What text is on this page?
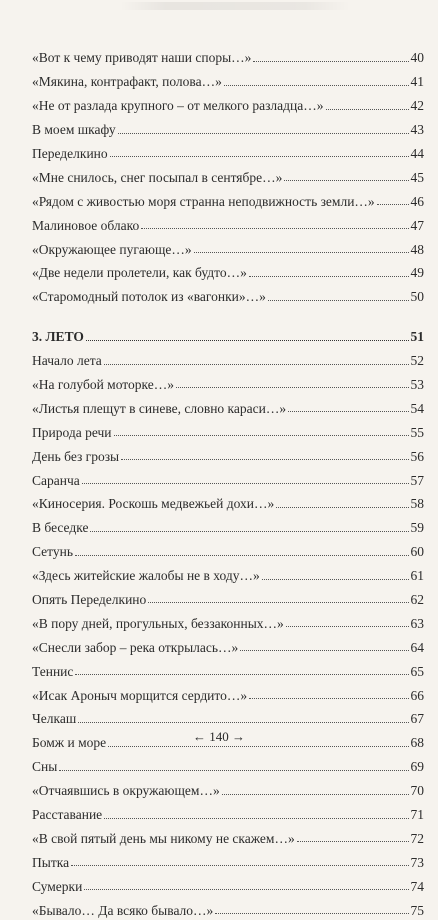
«Вот к чему приводят наши споры…»	40
«Мякина, контрафакт, полова…»	41
«Не от разлада крупного – от мелкого разладца…»	42
В моем шкафу	43
Переделкино	44
«Мне снилось, снег посыпал в сентябре…»	45
«Рядом с живостью моря странна неподвижность земли…»	46
Малиновое облако	47
«Окружающее пугающе…»	48
«Две недели пролетели, как будто…»	49
«Старомодный потолок из «вагонки»…»	50
3. ЛЕТО	51
Начало лета	52
«На голубой моторке…»	53
«Листья плещут в синеве, словно караси…»	54
Природа речи	55
День без грозы	56
Саранча	57
«Киносерия. Роскошь медвежьей дохи…»	58
В беседке	59
Сетунь	60
«Здесь житейские жалобы не в ходу…»	61
Опять Переделкино	62
«В пору дней, прогульных, беззаконных…»	63
«Снесли забор – река открылась…»	64
Теннис	65
«Исак Ароныч морщится сердито…»	66
Челкаш	67
Бомж и море	68
Сны	69
«Отчаявшись в окружающем…»	70
Расставание	71
«В свой пятый день мы никому не скажем…»	72
Пытка	73
Сумерки	74
«Бывало… Да всяко бывало…»	75
← 140 →
